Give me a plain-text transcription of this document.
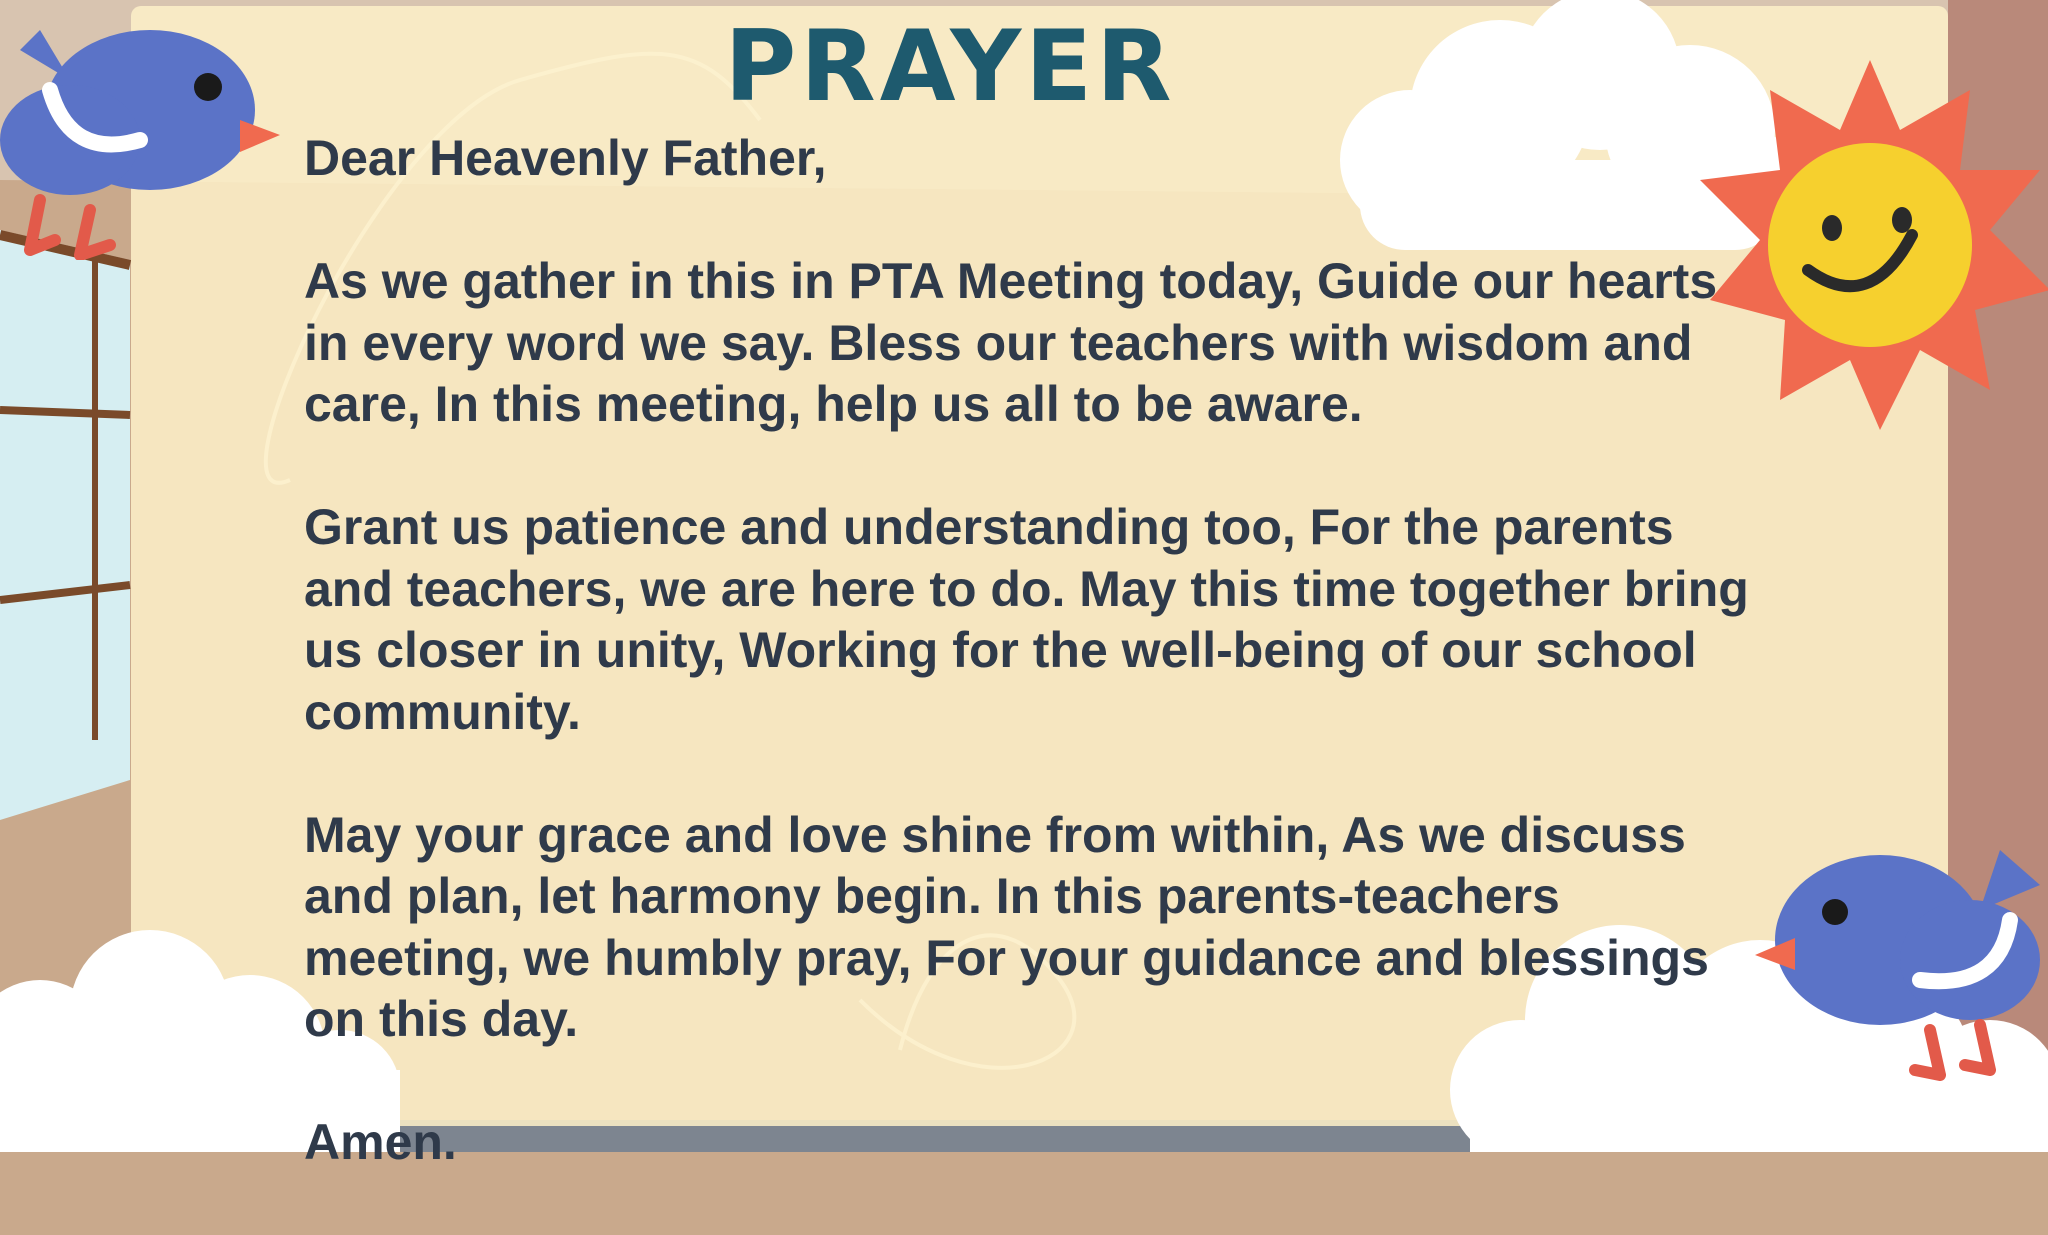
PRAYER

Dear Heavenly Father,

As we gather in this in PTA Meeting today, Guide our hearts in every word we say. Bless our teachers with wisdom and care, In this meeting, help us all to be aware.

Grant us patience and understanding too, For the parents and teachers, we are here to do. May this time together bring us closer in unity, Working for the well-being of our school community.

May your grace and love shine from within, As we discuss and plan, let harmony begin. In this parents-teachers meeting, we humbly pray, For your guidance and blessings on this day.

Amen.
